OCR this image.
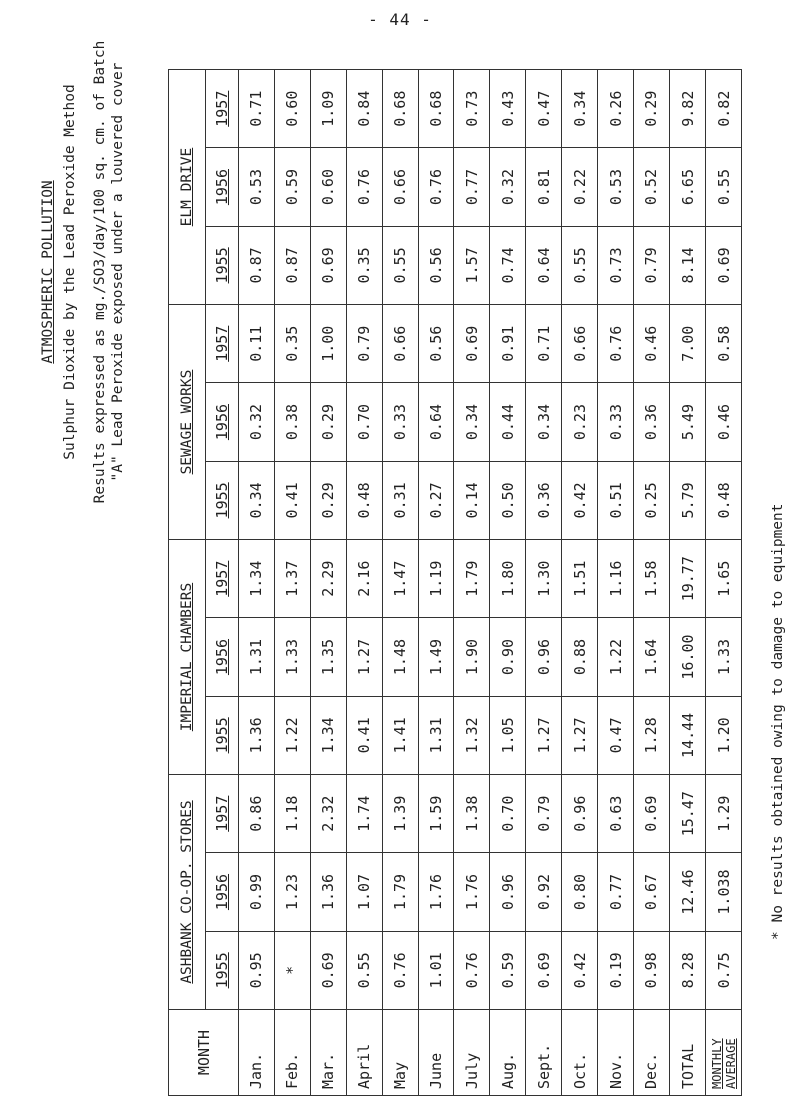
- 44 -
ATMOSPHERIC POLLUTION Sulphur Dioxide by the Lead Peroxide Method Results expressed as mg./SO3/day/100 sq. cm. of Batch "A" Lead Peroxide exposed under a louvered cover
* No results obtained owing to damage to equipment
MONTH	ASHBANK CO-OP. STORES			IMPERIAL CHAMBERS			SEWAGE WORKS			ELM DRIVE		
	1955	1956	1957	1955	1956	1957	1955	1956	1957	1955	1956	1957
Jan.	0.95	0.99	0.86	1.36	1.31	1.34	0.34	0.32	0.11	0.87	0.53	0.71
Feb.	*	1.23	1.18	1.22	1.33	1.37	0.41	0.38	0.35	0.87	0.59	0.60
Mar.	0.69	1.36	2.32	1.34	1.35	2.29	0.29	0.29	1.00	0.69	0.60	1.09
April	0.55	1.07	1.74	0.41	1.27	2.16	0.48	0.70	0.79	0.35	0.76	0.84
May	0.76	1.79	1.39	1.41	1.48	1.47	0.31	0.33	0.66	0.55	0.66	0.68
June	1.01	1.76	1.59	1.31	1.49	1.19	0.27	0.64	0.56	0.56	0.76	0.68
July	0.76	1.76	1.38	1.32	1.90	1.79	0.14	0.34	0.69	1.57	0.77	0.73
Aug.	0.59	0.96	0.70	1.05	0.90	1.80	0.50	0.44	0.91	0.74	0.32	0.43
Sept.	0.69	0.92	0.79	1.27	0.96	1.30	0.36	0.34	0.71	0.64	0.81	0.47
Oct.	0.42	0.80	0.96	1.27	0.88	1.51	0.42	0.23	0.66	0.55	0.22	0.34
Nov.	0.19	0.77	0.63	0.47	1.22	1.16	0.51	0.33	0.76	0.73	0.53	0.26
Dec.	0.98	0.67	0.69	1.28	1.64	1.58	0.25	0.36	0.46	0.79	0.52	0.29
TOTAL	8.28	12.46	15.47	14.44	16.00	19.77	5.79	5.49	7.00	8.14	6.65	9.82
MONTHLY AVERAGE	0.75	1.038	1.29	1.20	1.33	1.65	0.48	0.46	0.58	0.69	0.55	0.82
